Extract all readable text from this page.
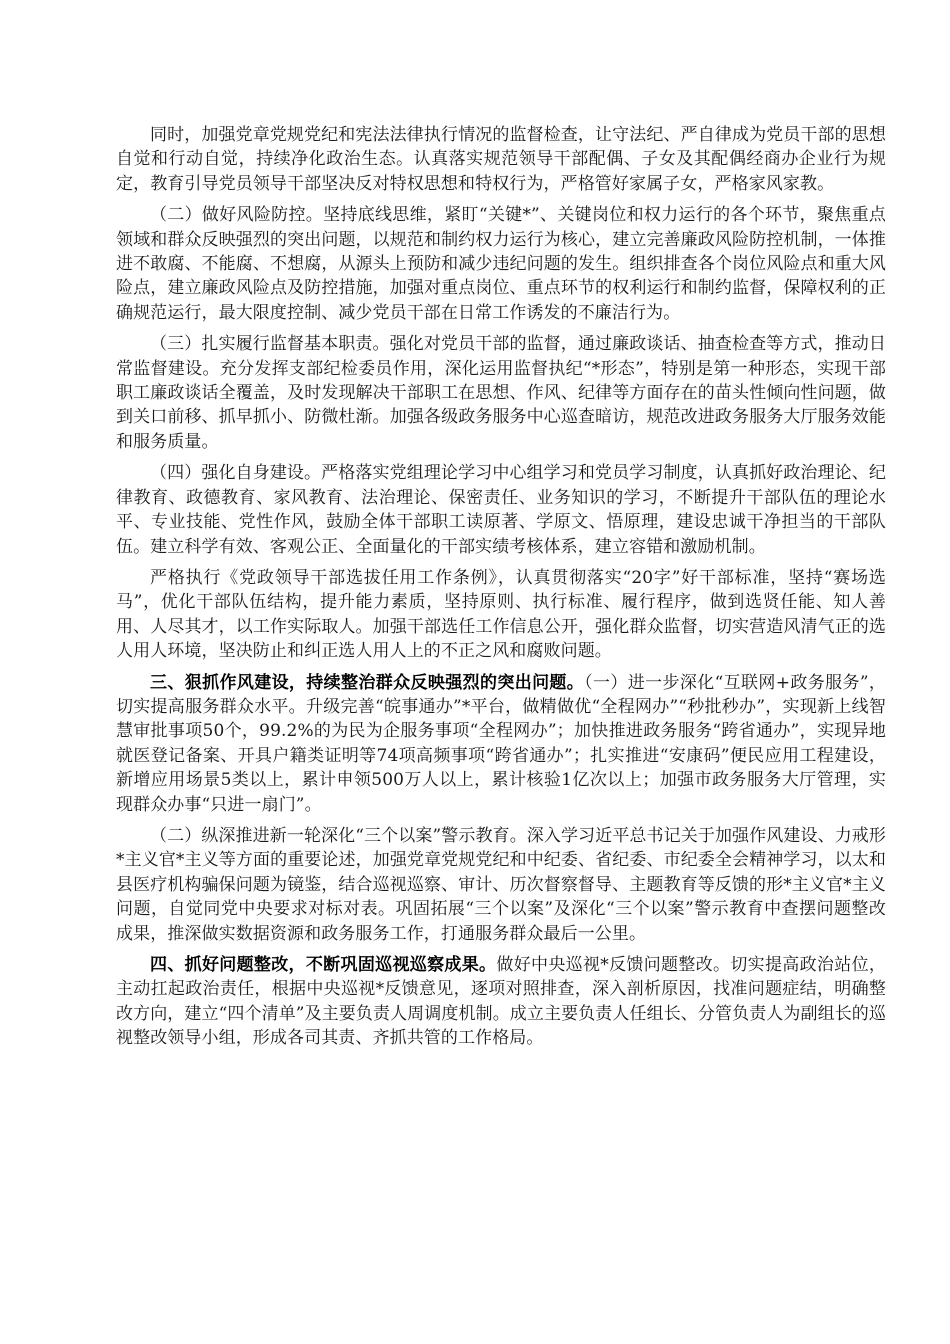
同时，加强党章党规党纪和宪法法律执行情况的监督检查，让守法纪、严自律成为党员干部的思想自觉和行动自觉，持续净化政治生态。认真落实规范领导干部配偶、子女及其配偶经商办企业行为规定，教育引导党员领导干部坚决反对特权思想和特权行为，严格管好家属子女，严格家风家教。

（二）做好风险防控。坚持底线思维，紧盯“关键*”、关键岗位和权力运行的各个环节，聚焦重点领域和群众反映强烈的突出问题，以规范和制约权力运行为核心，建立完善廉政风险防控机制，一体推进不敢腐、不能腐、不想腐，从源头上预防和减少违纪问题的发生。组织排查各个岗位风险点和重大风险点，建立廉政风险点及防控措施，加强对重点岗位、重点环节的权利运行和制约监督，保障权利的正确规范运行，最大限度控制、减少党员干部在日常工作诱发的不廉洁行为。

（三）扎实履行监督基本职责。强化对党员干部的监督，通过廉政谈话、抽查检查等方式，推动日常监督建设。充分发挥支部纪检委员作用，深化运用监督执纪“*形态”，特别是第一种形态，实现干部职工廉政谈话全覆盖，及时发现解决干部职工在思想、作风、纪律等方面存在的苗头性倾向性问题，做到关口前移、抓早抓小、防微杜渐。加强各级政务服务中心巡查暗访，规范改进政务服务大厅服务效能和服务质量。

（四）强化自身建设。严格落实党组理论学习中心组学习和党员学习制度，认真抓好政治理论、纪律教育、政德教育、家风教育、法治理论、保密责任、业务知识的学习，不断提升干部队伍的理论水平、专业技能、党性作风，鼓励全体干部职工读原著、学原文、悟原理，建设忠诚干净担当的干部队伍。建立科学有效、客观公正、全面量化的干部实绩考核体系，建立容错和激励机制。

严格执行《党政领导干部选拔任用工作条例》，认真贯彻落实“20字”好干部标准，坚持“赛场选马”，优化干部队伍结构，提升能力素质，坚持原则、执行标准、履行程序，做到选贤任能、知人善用、人尽其才，以工作实际取人。加强干部选任工作信息公开，强化群众监督，切实营造风清气正的选人用人环境，坚决防止和纠正选人用人上的不正之风和腐败问题。

三、狠抓作风建设，持续整治群众反映强烈的突出问题。（一）进一步深化“互联网+政务服务”，切实提高服务群众水平。升级完善“皖事通办”*平台，做精做优“全程网办”“秒批秒办”，实现新上线智慧审批事项50个，99.2%的为民为企服务事项“全程网办”；加快推进政务服务“跨省通办”，实现异地就医登记备案、开具户籍类证明等74项高频事项“跨省通办”；扎实推进“安康码”便民应用工程建设，新增应用场景5类以上，累计申领500万人以上，累计核验1亿次以上；加强市政务服务大厅管理，实现群众办事“只进一扇门”。

（二）纵深推进新一轮深化“三个以案”警示教育。深入学习近平总书记关于加强作风建设、力戒形*主义官*主义等方面的重要论述，加强党章党规党纪和中纪委、省纪委、市纪委全会精神学习，以太和县医疗机构骗保问题为镜鉴，结合巡视巡察、审计、历次督察督导、主题教育等反馈的形*主义官*主义问题，自觉同党中央要求对标对表。巩固拓展“三个以案”及深化“三个以案”警示教育中查摆问题整改成果，推深做实数据资源和政务服务工作，打通服务群众最后一公里。

四、抓好问题整改，不断巩固巡视巡察成果。做好中央巡视*反馈问题整改。切实提高政治站位，主动扛起政治责任，根据中央巡视*反馈意见，逐项对照排查，深入剖析原因，找准问题症结，明确整改方向，建立“四个清单”及主要负责人周调度机制。成立主要负责人任组长、分管负责人为副组长的巡视整改领导小组，形成各司其责、齐抓共管的工作格局。
